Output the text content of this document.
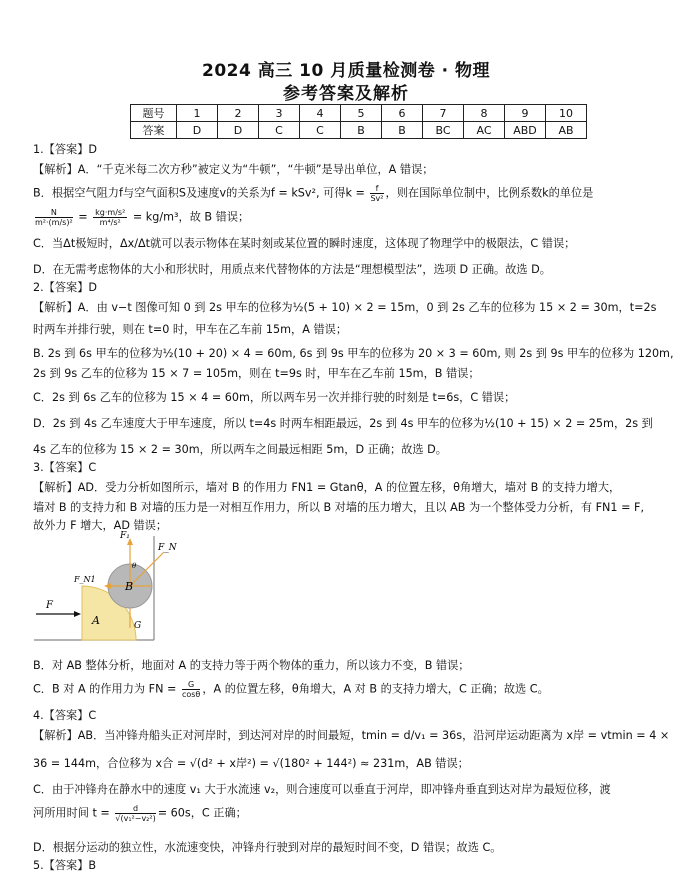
2024 高三 10 月质量检测卷 · 物理
参考答案及解析
题号	1	2	3	4	5	6	7	8	9	10
答案	D	D	C	C	B	B	BC	AC	ABD	AB
1.【答案】D
【解析】A．“千克米每二次方秒”被定义为“牛顿”，“牛顿”是导出单位，A 错误；
B．根据空气阻力f与空气面积S及速度v的关系为f = kSv², 可得$k = \frac{f}{\text{Sv²}}$ ，则在国际单位制中，比例系数k的单位是
$\frac{N}{\text{m²·(m/s)²}} = \frac{\text{kg·m/s²}}{\text{m⁴/s²}} = kg/m^3$，故 B 错误；
C．当Δt极短时，Δx/Δt就可以表示物体在某时刻或某位置的瞬时速度，这体现了物理学中的极限法，C 错误；
D．在无需考虑物体的大小和形状时，用质点来代替物体的方法是“理想模型法”，选项 D 正确。故选 D。
2.【答案】D
【解析】A．由 v−t 图像可知 0 到 2s 甲车的位移为½(5 + 10) × 2 = 15m，0 到 2s 乙车的位移为 15 × 2 = 30m，t=2s
时两车并排行驶，则在 t=0 时，甲车在乙车前 15m，A 错误；
B. 2s 到 6s 甲车的位移为½(10 + 20) × 4 = 60m, 6s 到 9s 甲车的位移为 20 × 3 = 60m, 则 2s 到 9s 甲车的位移为 120m,
2s 到 9s 乙车的位移为 15 × 7 = 105m，则在 t=9s 时，甲车在乙车前 15m，B 错误；
C．2s 到 6s 乙车的位移为 15 × 4 = 60m，所以两车另一次并排行驶的时刻是 t=6s，C 错误；
D．2s 到 4s 乙车速度大于甲车速度，所以 t=4s 时两车相距最远，2s 到 4s 甲车的位移为½(10 + 15) × 2 = 25m，2s 到
4s 乙车的位移为 15 × 2 = 30m，所以两车之间最远相距 5m，D 正确；故选 D。
3.【答案】C
【解析】AD．受力分析如图所示，墙对 B 的作用力 FN1 = Gtanθ，A 的位置左移，θ角增大，墙对 B 的支持力增大，
墙对 B 的支持力和 B 对墙的压力是一对相互作用力，所以 B 对墙的压力增大，且以 AB 为一个整体受力分析，有 FN1 = F,
故外力 F 增大，AD 错误；
F₁
F_N
F_N1
F
A
B
G
θ
B．对 AB 整体分析，地面对 A 的支持力等于两个物体的重力，所以该力不变，B 错误；
C．B 对 A 的作用力为 FN = $\frac{G}{\cos\theta}$ ，A 的位置左移，θ角增大，A 对 B 的支持力增大，C 正确；故选 C。
4.【答案】C
【解析】AB．当冲锋舟船头正对河岸时，到达河对岸的时间最短，tmin = d/v₁ = 36s，沿河岸运动距离为 x岸 = vtmin = 4 ×
36 = 144m，合位移为 x合 = √(d² + x岸²) = √(180² + 144²) ≈ 231m，AB 错误；
C．由于冲锋舟在静水中的速度 v₁ 大于水流速 v₂，则合速度可以垂直于河岸，即冲锋舟垂直到达对岸为最短位移，渡
河所用时间 $t = \frac{d}{\text{√(v₁²−v₂²)}} = 60s$，C 正确；
D．根据分运动的独立性，水流速变快，冲锋舟行驶到对岸的最短时间不变，D 错误；故选 C。
5.【答案】B
